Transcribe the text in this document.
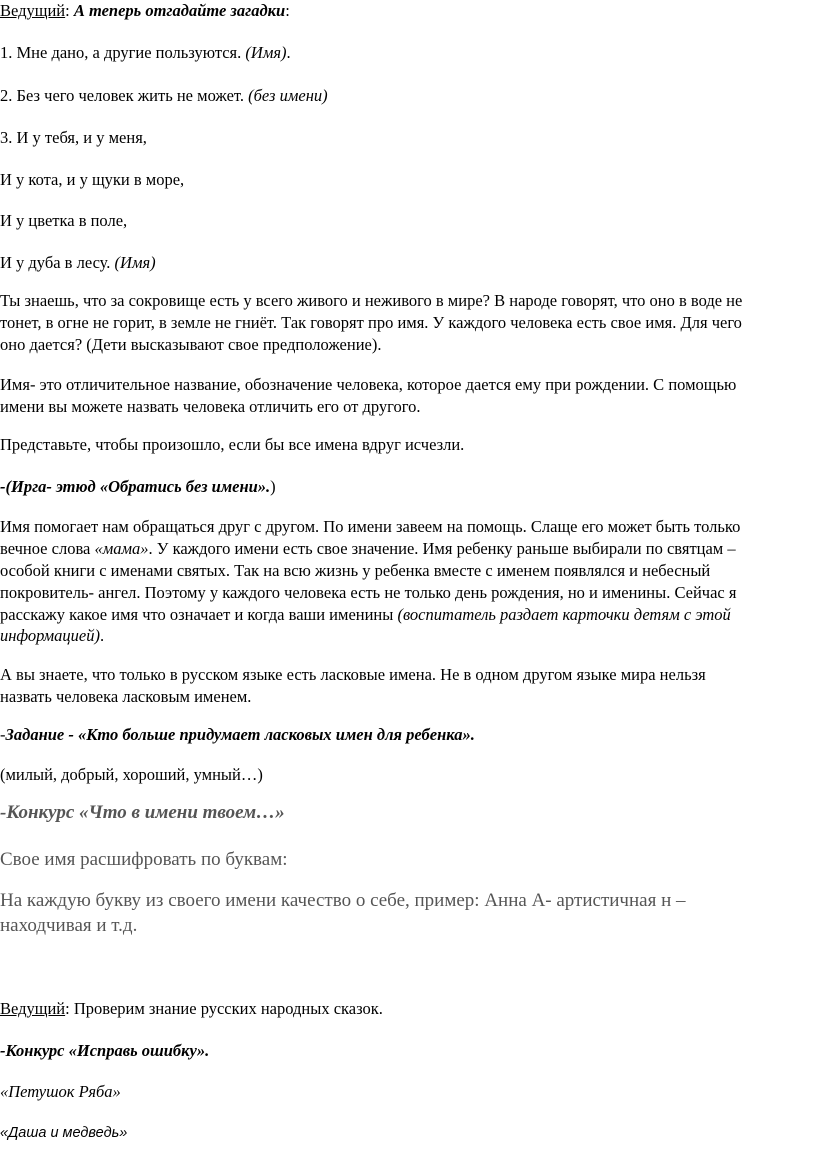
Ведущий: А теперь отгадайте загадки:
1. Мне дано, а другие пользуются. (Имя).
2. Без чего человек жить не может. (без имени)
3. И у тебя, и у меня,
И у кота, и у щуки в море,
И у цветка в поле,
И у дуба в лесу. (Имя)
Ты знаешь, что за сокровище есть у всего живого и неживого в мире? В народе говорят, что оно в воде не
тонет, в огне не горит, в земле не гниёт. Так говорят про имя. У каждого человека есть свое имя. Для чего
оно дается? (Дети высказывают свое предположение).
Имя- это отличительное название, обозначение человека, которое дается ему при рождении. С помощью
имени вы можете назвать человека отличить его от другого.
Представьте, чтобы произошло, если бы все имена вдруг исчезли.
-(Ирга- этюд «Обратись без имени».)
Имя помогает нам обращаться друг с другом. По имени завеем на помощь. Слаще его может быть только
вечное слова «мама». У каждого имени есть свое значение. Имя ребенку раньше выбирали по святцам –
особой книги с именами святых. Так на всю жизнь у ребенка вместе с именем появлялся и небесный
покровитель- ангел. Поэтому у каждого человека есть не только день рождения, но и именины. Сейчас я
расскажу какое имя что означает и когда ваши именины (воспитатель раздает карточки детям с этой
информацией).
А вы знаете, что только в русском языке есть ласковые имена. Не в одном другом языке мира нельзя
назвать человека ласковым именем.
-Задание - «Кто больше придумает ласковых имен для ребенка».
(милый, добрый, хороший, умный…)
-Конкурс «Что в имени твоем…»
Свое имя расшифровать по буквам:
На каждую букву из своего имени качество о себе, пример: Анна А- артистичная н –
находчивая и т.д.
Ведущий: Проверим знание русских народных сказок.
-Конкурс «Исправь ошибку».
«Петушок Ряба»
«Даша и медведь»
